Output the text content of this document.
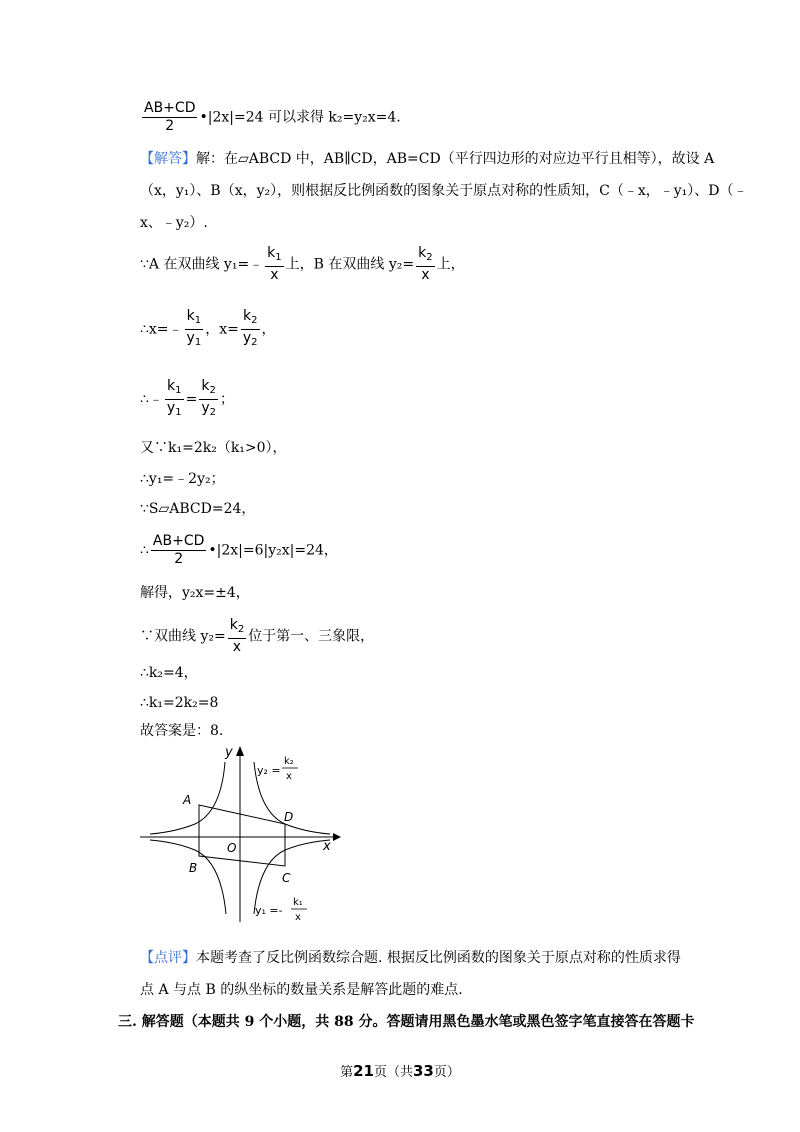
$\frac{AB+CD}{2}$ •|2x|=24 可以求得 k₂=y₂x=4.
【解答】解：在▱ABCD 中，AB∥CD，AB=CD（平行四边形的对应边平行且相等），故设 A
（x，y₁）、B（x，y₂），则根据反比例函数的图象关于原点对称的性质知，C（﹣x，﹣y₁）、D（﹣
x、﹣y₂）.
∵A 在双曲线 y₁=﹣ $\frac{k_1}{x}$ 上，B 在双曲线 $y_2= \frac{k_2}{x}$ 上，
∴x=﹣ $\frac{k_1}{y_1}$ ，$x= \frac{k_2}{y_2}$ ，
∴﹣ $\frac{k_1}{y_1} = \frac{k_2}{y_2}$ ；
又∵k₁=2k₂（k₁>0），
∴y₁=﹣2y₂；
∵S▱ABCD=24，
∴ $\frac{AB+CD}{2}$ •|2x|=6|y₂x|=24，
解得，y₂x=±4，
∵双曲线 $y_2= \frac{k_2}{x}$ 位于第一、三象限，
∴k₂=4，
∴k₁=2k₂=8
故答案是：8.
y
x
O
A
B
C
D
y₂ =
k₂
x
y₁ =-
k₁
x
【点评】本题考查了反比例函数综合题. 根据反比例函数的图象关于原点对称的性质求得
点 A 与点 B 的纵坐标的数量关系是解答此题的难点.
三. 解答题（本题共 9 个小题，共 88 分。答题请用黑色墨水笔或黑色签字笔直接答在答题卡
第21页（共33页）
